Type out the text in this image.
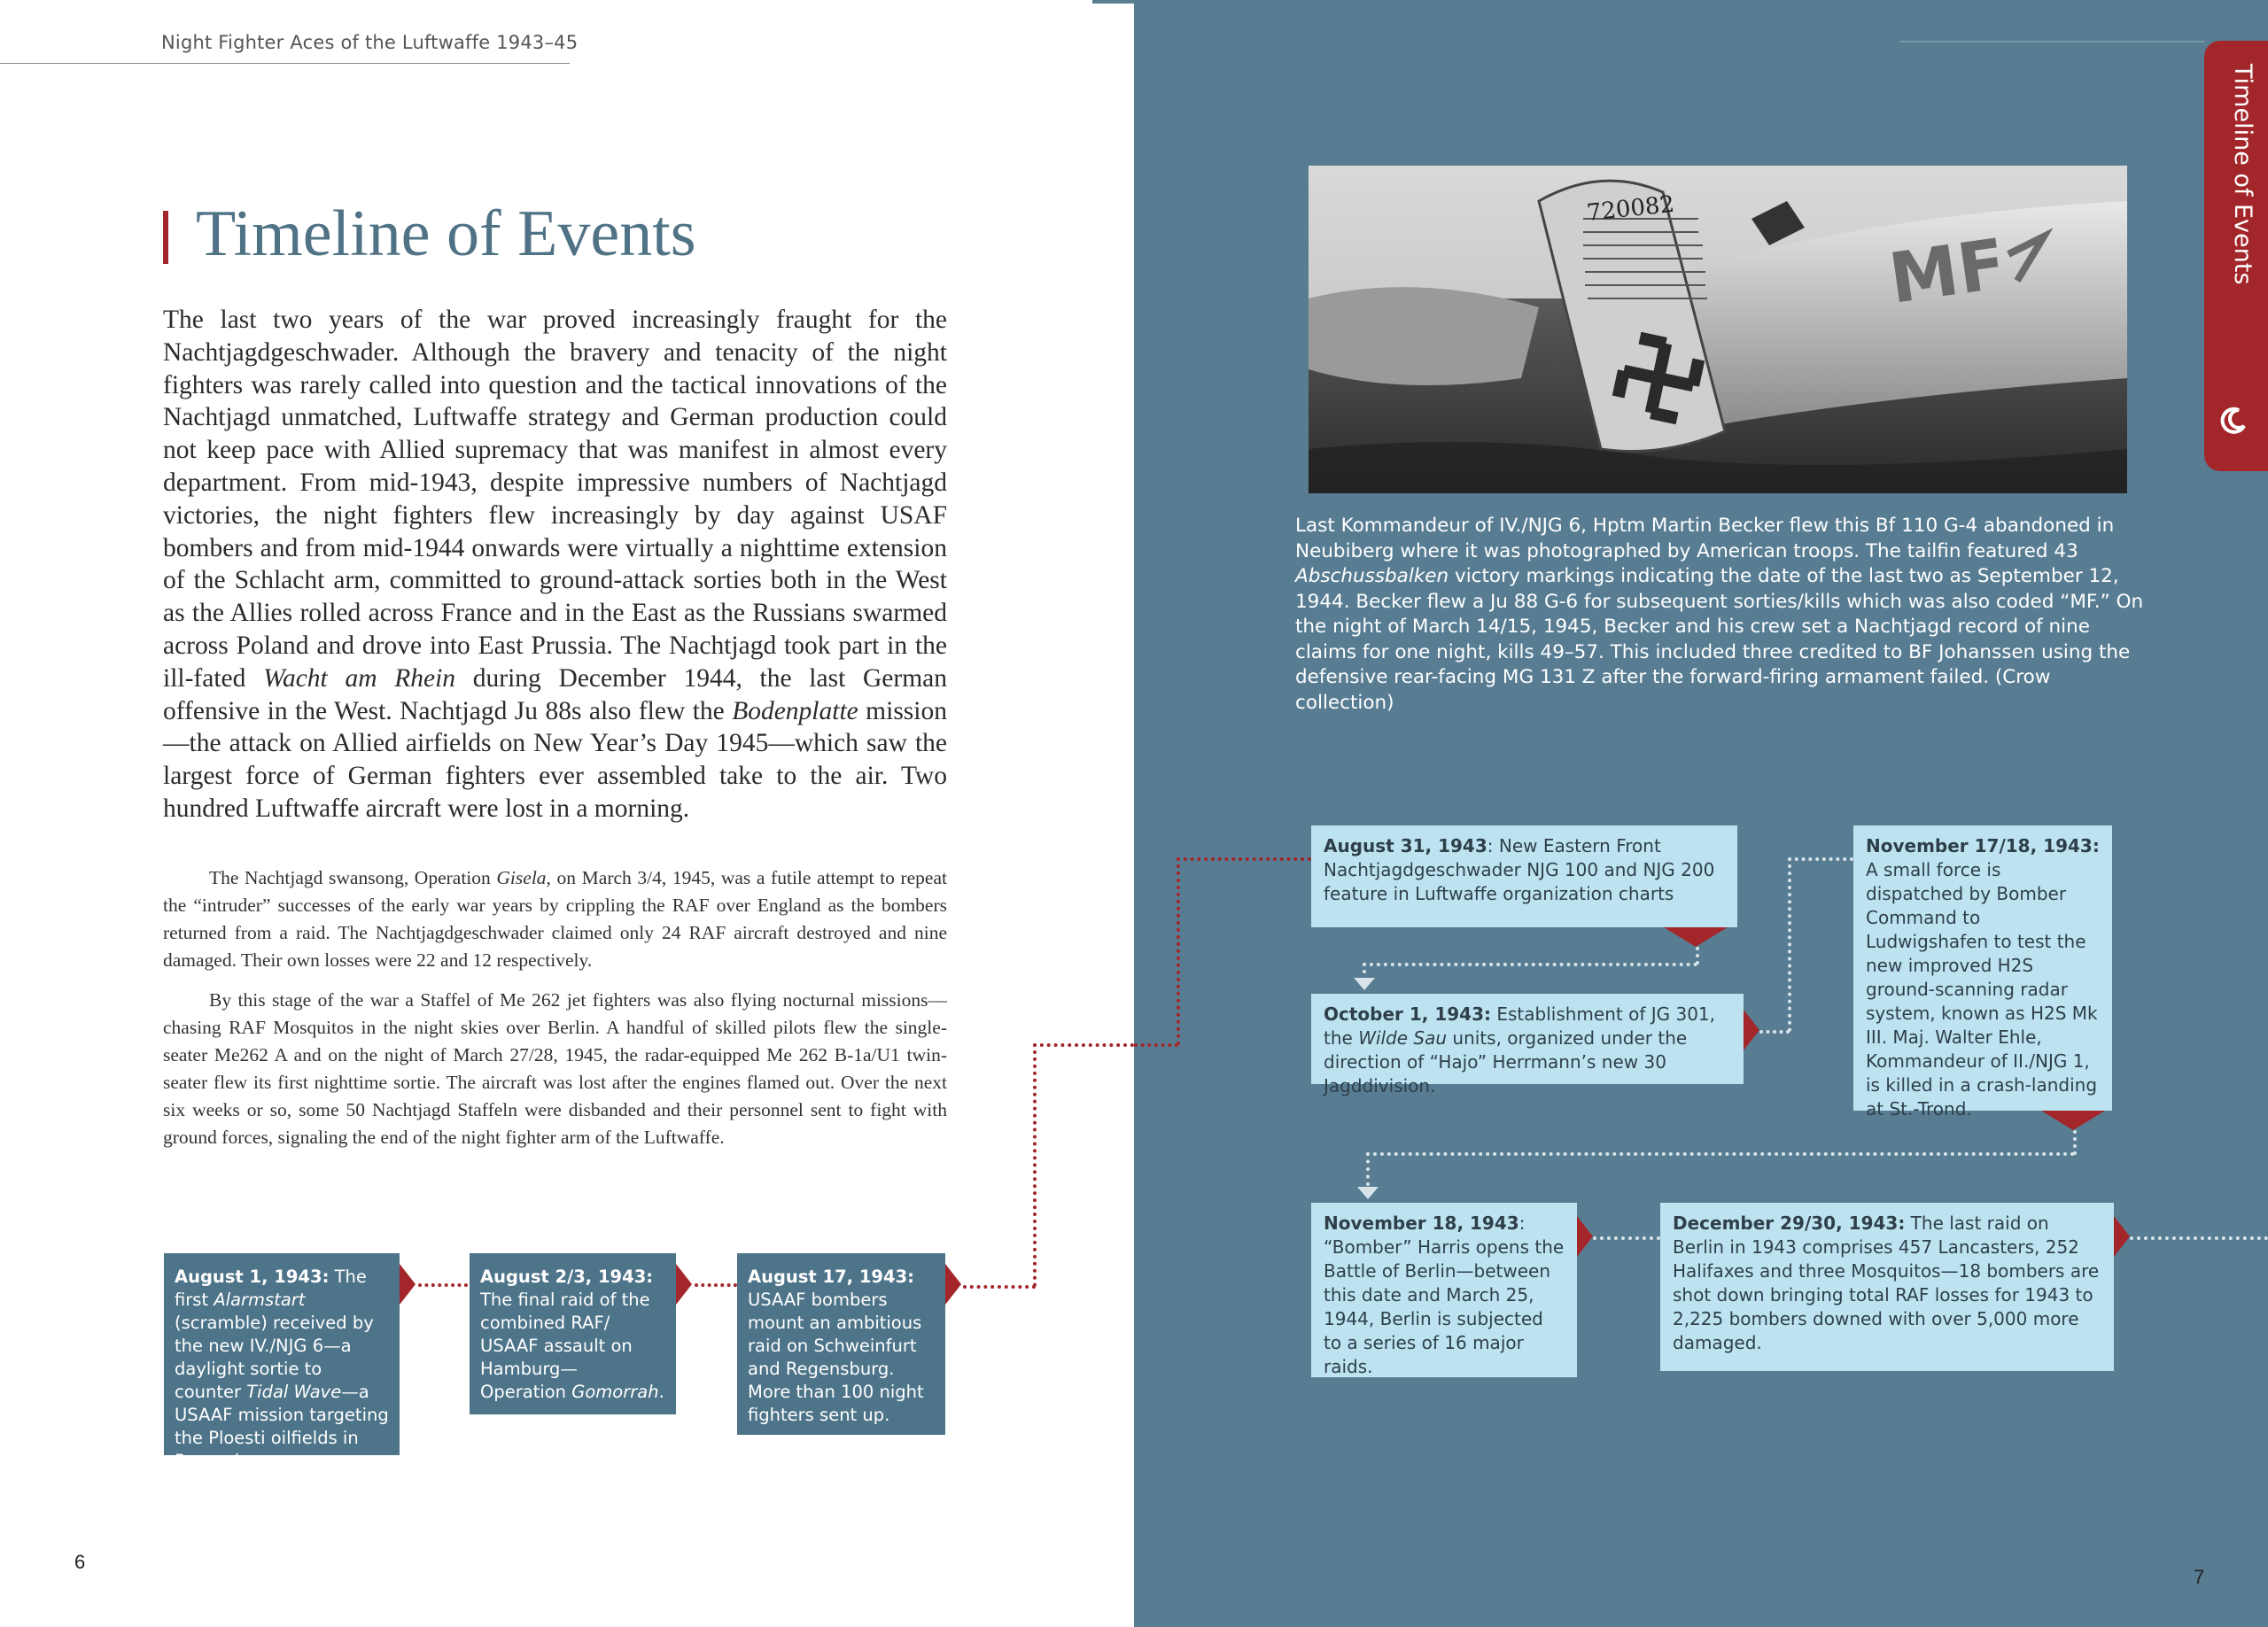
Night Fighter Aces of the Luftwaffe 1943–45
Timeline of Events

The last two years of the war proved increasingly fraught for the Nachtjagdgeschwader. Although the bravery and tenacity of the night fighters was rarely called into question and the tactical innovations of the Nachtjagd unmatched, Luftwaffe strategy and German production could not keep pace with Allied supremacy that was manifest in almost every department. From mid-1943, despite impressive numbers of Nachtjagd victories, the night fighters flew increasingly by day against USAF bombers and from mid-1944 onwards were virtually a nighttime extension of the Schlacht arm, committed to ground-attack sorties both in the West as the Allies rolled across France and in the East as the Russians swarmed across Poland and drove into East Prussia. The Nachtjagd took part in the ill-fated Wacht am Rhein during December 1944, the last German offensive in the West. Nachtjagd Ju 88s also flew the Bodenplatte mission—the attack on Allied airfields on New Year’s Day 1945—which saw the largest force of German fighters ever assembled take to the air. Two hundred Luftwaffe aircraft were lost in a morning.

The Nachtjagd swansong, Operation Gisela, on March 3/4, 1945, was a futile attempt to repeat the “intruder” successes of the early war years by crippling the RAF over England as the bombers returned from a raid. The Nachtjagdgeschwader claimed only 24 RAF aircraft destroyed and nine damaged. Their own losses were 22 and 12 respectively.

By this stage of the war a Staffel of Me 262 jet fighters was also flying nocturnal missions—chasing RAF Mosquitos in the night skies over Berlin. A handful of skilled pilots flew the single-seater Me262 A and on the night of March 27/28, 1945, the radar-equipped Me 262 B-1a/U1 twin-seater flew its first nighttime sortie. The aircraft was lost after the engines flamed out. Over the next six weeks or so, some 50 Nachtjagd Staffeln were disbanded and their personnel sent to fight with ground forces, signaling the end of the night fighter arm of the Luftwaffe.

August 1, 1943: The first Alarmstart (scramble) received by the new IV./NJG 6—a daylight sortie to counter Tidal Wave—a USAAF mission targeting the Ploesti oilfields in Romania.
August 2/3, 1943: The final raid of the combined RAF/ USAAF assault on Hamburg— Operation Gomorrah.
August 17, 1943: USAAF bombers mount an ambitious raid on Schweinfurt and Regensburg. More than 100 night fighters sent up.
6
720082
MF
Last Kommandeur of IV./NJG 6, Hptm Martin Becker flew this Bf 110 G-4 abandoned in Neubiberg where it was photographed by American troops. The tailfin featured 43 Abschussbalken victory markings indicating the date of the last two as September 12, 1944. Becker flew a Ju 88 G-6 for subsequent sorties/kills which was also coded “MF.” On the night of March 14/15, 1945, Becker and his crew set a Nachtjagd record of nine claims for one night, kills 49–57. This included three credited to BF Johanssen using the defensive rear-facing MG 131 Z after the forward-firing armament failed. (Crow collection)
Timeline of Events
August 31, 1943: New Eastern Front Nachtjagdgeschwader NJG 100 and NJG 200 feature in Luftwaffe organization charts
October 1, 1943: Establishment of JG 301, the Wilde Sau units, organized under the direction of “Hajo” Herrmann’s new 30 Jagddivision.
November 17/18, 1943: A small force is dispatched by Bomber Command to Ludwigshafen to test the new improved H2S ground-scanning radar system, known as H2S Mk III. Maj. Walter Ehle, Kommandeur of II./NJG 1, is killed in a crash-landing at St.-Trond.
November 18, 1943: “Bomber” Harris opens the Battle of Berlin—between this date and March 25, 1944, Berlin is subjected to a series of 16 major raids.
December 29/30, 1943: The last raid on Berlin in 1943 comprises 457 Lancasters, 252 Halifaxes and three Mosquitos—18 bombers are shot down bringing total RAF losses for 1943 to 2,225 bombers downed with over 5,000 more damaged.
7
